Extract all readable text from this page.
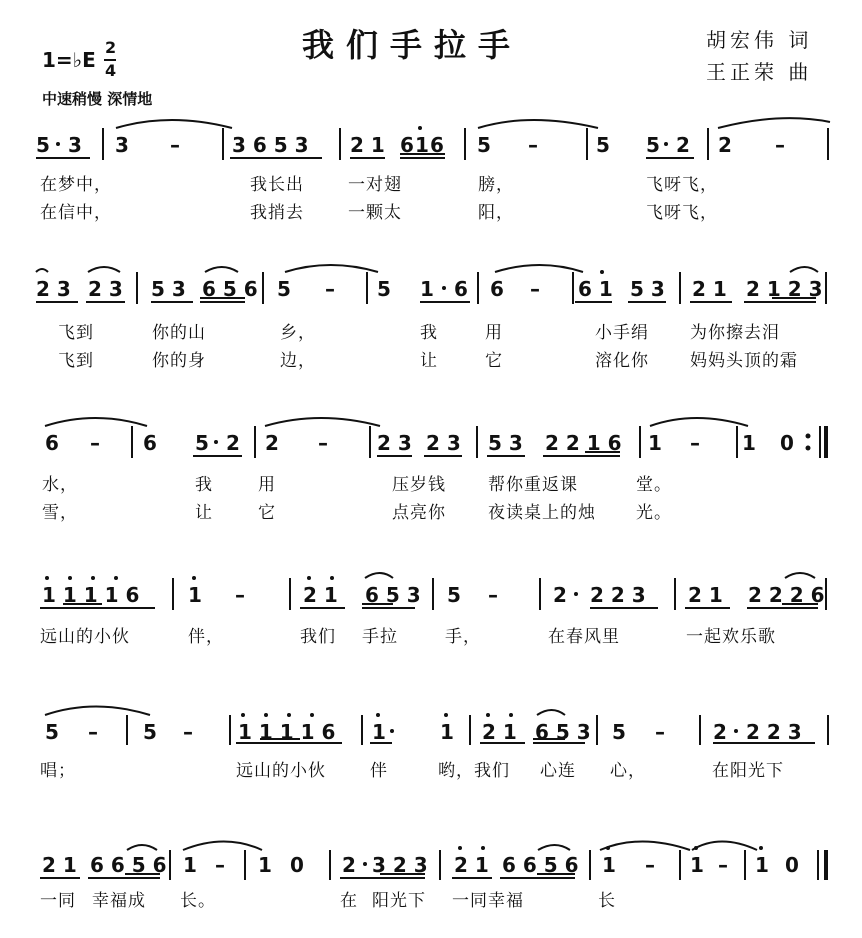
我们手拉手	胡宏伟 词
王正荣 曲
1=♭E
2
4
中速稍慢 深情地
5 3 3 –	3 6 5 3 2 1 6 1 6 5 –	5 5 2 2 –
2 3 2 3 5 3 6 5 6 5 – 5 1 6 6 – 6 1 5 3 2 1 2 1 2 3
6 – 6 5 2 2 – 2 3 2 3 5 3 2 2 1 6 1 – 1 0
1 1 1 1 6 1 –	2 1 6 5 3 5 –	2 2 2 3 2 1 2 2 2 6
5 – 5 – 1 1 1 1 6 1	1 2 1 6 5 3 5 – 2 2 2 3
2 1 6 6 5 6 1 – 1 0 2 3 2 3 2 1 6 6 5 6 1 – 1 – 1 0
在梦中，	我长出	一对翅	膀，	飞呀飞，
在信中，	我捎去	一颗太	阳，	飞呀飞，
飞到	你的山	乡，	我	用	小手绢 为你擦去泪
飞到	你的身	边，	让	它	溶化你 妈妈头顶的霜
水，	我	用	压岁钱 帮你重返课	堂。
雪，	让	它	点亮你 夜读桌上的烛 光。
远山的小伙	伴，	我们 手拉	手，	在春风里	一起欢乐歌
唱；	远山的小伙	伴	哟，我们 心连 心，	在阳光下
一同 幸福成 长。	在 阳光下 一同幸福	长
